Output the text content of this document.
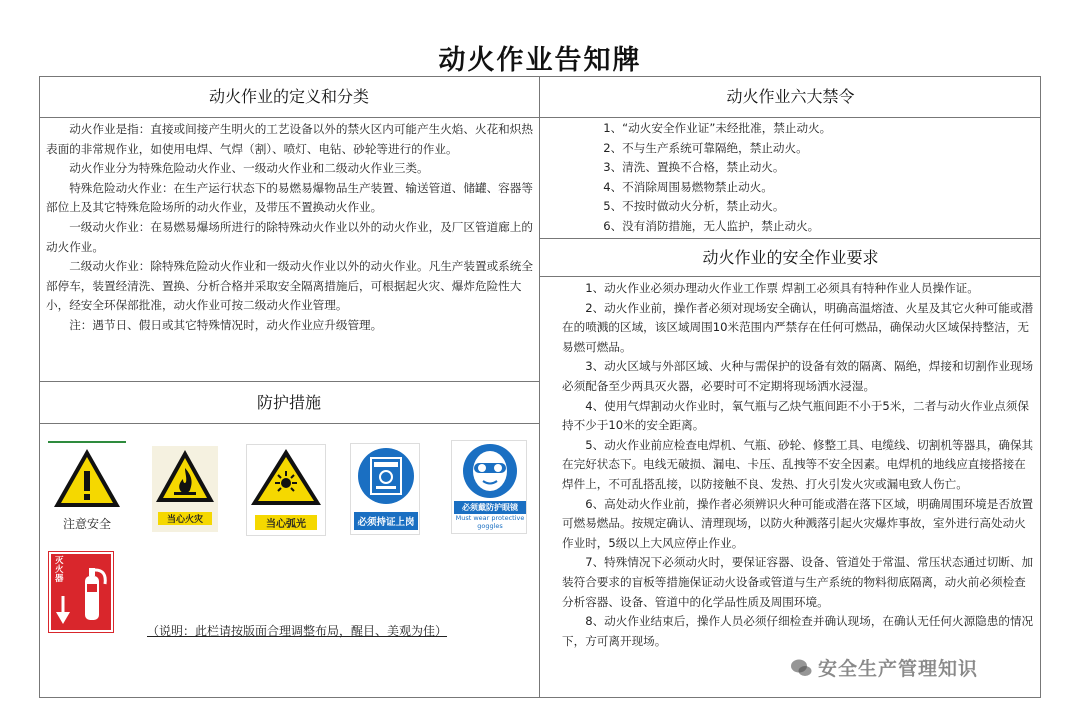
动火作业告知牌
动火作业的定义和分类

动火作业是指：直接或间接产生明火的工艺设备以外的禁火区内可能产生火焰、火花和炽热表面的非常规作业，如使用电焊、气焊（割）、喷灯、电钻、砂轮等进行的作业。

动火作业分为特殊危险动火作业、一级动火作业和二级动火作业三类。

特殊危险动火作业：在生产运行状态下的易燃易爆物品生产装置、输送管道、储罐、容器等部位上及其它特殊危险场所的动火作业，及带压不置换动火作业。

一级动火作业：在易燃易爆场所进行的除特殊动火作业以外的动火作业，及厂区管道廊上的动火作业。

二级动火作业：除特殊危险动火作业和一级动火作业以外的动火作业。凡生产装置或系统全部停车，装置经清洗、置换、分析合格并采取安全隔离措施后，可根据起火灾、爆炸危险性大小，经安全环保部批准，动火作业可按二级动火作业管理。

注：遇节日、假日或其它特殊情况时，动火作业应升级管理。

防护措施
注意安全	当心火灾	当心弧光	必须持证上岗
必须戴防护眼镜
Must wear protective goggles
灭火器
（说明：此栏请按版面合理调整布局，醒目、美观为佳）
动火作业六大禁令

1、“动火安全作业证”未经批准，禁止动火。

2、不与生产系统可靠隔绝，禁止动火。

3、清洗、置换不合格，禁止动火。

4、不消除周围易燃物禁止动火。

5、不按时做动火分析，禁止动火。

6、没有消防措施，无人监护，禁止动火。

动火作业的安全作业要求

1、动火作业必须办理动火作业工作票 焊割工必须具有特种作业人员操作证。

2、动火作业前，操作者必须对现场安全确认，明确高温熔渣、火星及其它火种可能或潜在的喷溅的区域，该区域周围10米范围内严禁存在任何可燃品，确保动火区域保持整洁，无易燃可燃品。

3、动火区域与外部区域、火种与需保护的设备有效的隔离、隔绝，焊接和切割作业现场必须配备至少两具灭火器，必要时可不定期将现场洒水浸湿。

4、使用气焊割动火作业时，氧气瓶与乙炔气瓶间距不小于5米，二者与动火作业点须保持不少于10米的安全距离。

5、动火作业前应检查电焊机、气瓶、砂轮、修整工具、电缆线、切割机等器具，确保其在完好状态下。电线无破损、漏电、卡压、乱拽等不安全因素。电焊机的地线应直接搭接在焊件上，不可乱搭乱接，以防接触不良、发热、打火引发火灾或漏电致人伤亡。

6、高处动火作业前，操作者必须辨识火种可能或潜在落下区域，明确周围环境是否放置可燃易燃品。按规定确认、清理现场，以防火种溅落引起火灾爆炸事故，室外进行高处动火作业时，5级以上大风应停止作业。

7、特殊情况下必须动火时，要保证容器、设备、管道处于常温、常压状态通过切断、加装符合要求的盲板等措施保证动火设备或管道与生产系统的物料彻底隔离，动火前必须检查分析容器、设备、管道中的化学品性质及周围环境。

8、动火作业结束后，操作人员必须仔细检查并确认现场，在确认无任何火源隐患的情况下，方可离开现场。

安全生产管理知识
